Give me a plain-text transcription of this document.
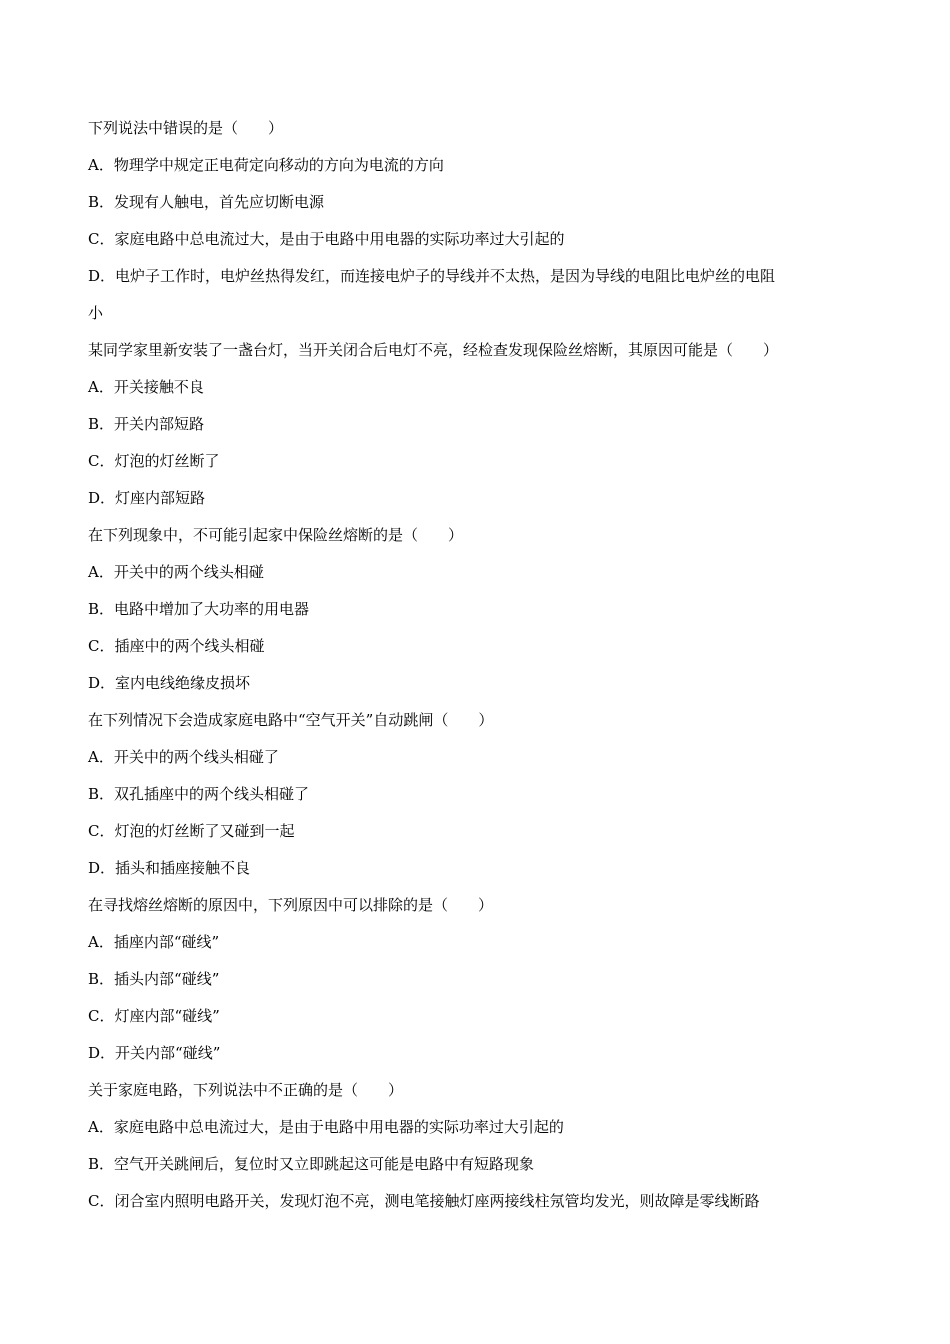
下列说法中错误的是（　　）
A．物理学中规定正电荷定向移动的方向为电流的方向
B．发现有人触电，首先应切断电源
C．家庭电路中总电流过大，是由于电路中用电器的实际功率过大引起的
D．电炉子工作时，电炉丝热得发红，而连接电炉子的导线并不太热，是因为导线的电阻比电炉丝的电阻
小
某同学家里新安装了一盏台灯，当开关闭合后电灯不亮，经检查发现保险丝熔断，其原因可能是（　　）
A．开关接触不良
B．开关内部短路
C．灯泡的灯丝断了
D．灯座内部短路
在下列现象中，不可能引起家中保险丝熔断的是（　　）
A．开关中的两个线头相碰
B．电路中增加了大功率的用电器
C．插座中的两个线头相碰
D．室内电线绝缘皮损坏
在下列情况下会造成家庭电路中“空气开关”自动跳闸（　　）
A．开关中的两个线头相碰了
B．双孔插座中的两个线头相碰了
C．灯泡的灯丝断了又碰到一起
D．插头和插座接触不良
在寻找熔丝熔断的原因中，下列原因中可以排除的是（　　）
A．插座内部“碰线”
B．插头内部“碰线”
C．灯座内部“碰线”
D．开关内部“碰线”
关于家庭电路，下列说法中不正确的是（　　）
A．家庭电路中总电流过大，是由于电路中用电器的实际功率过大引起的
B．空气开关跳闸后，复位时又立即跳起这可能是电路中有短路现象
C．闭合室内照明电路开关，发现灯泡不亮，测电笔接触灯座两接线柱氖管均发光，则故障是零线断路
